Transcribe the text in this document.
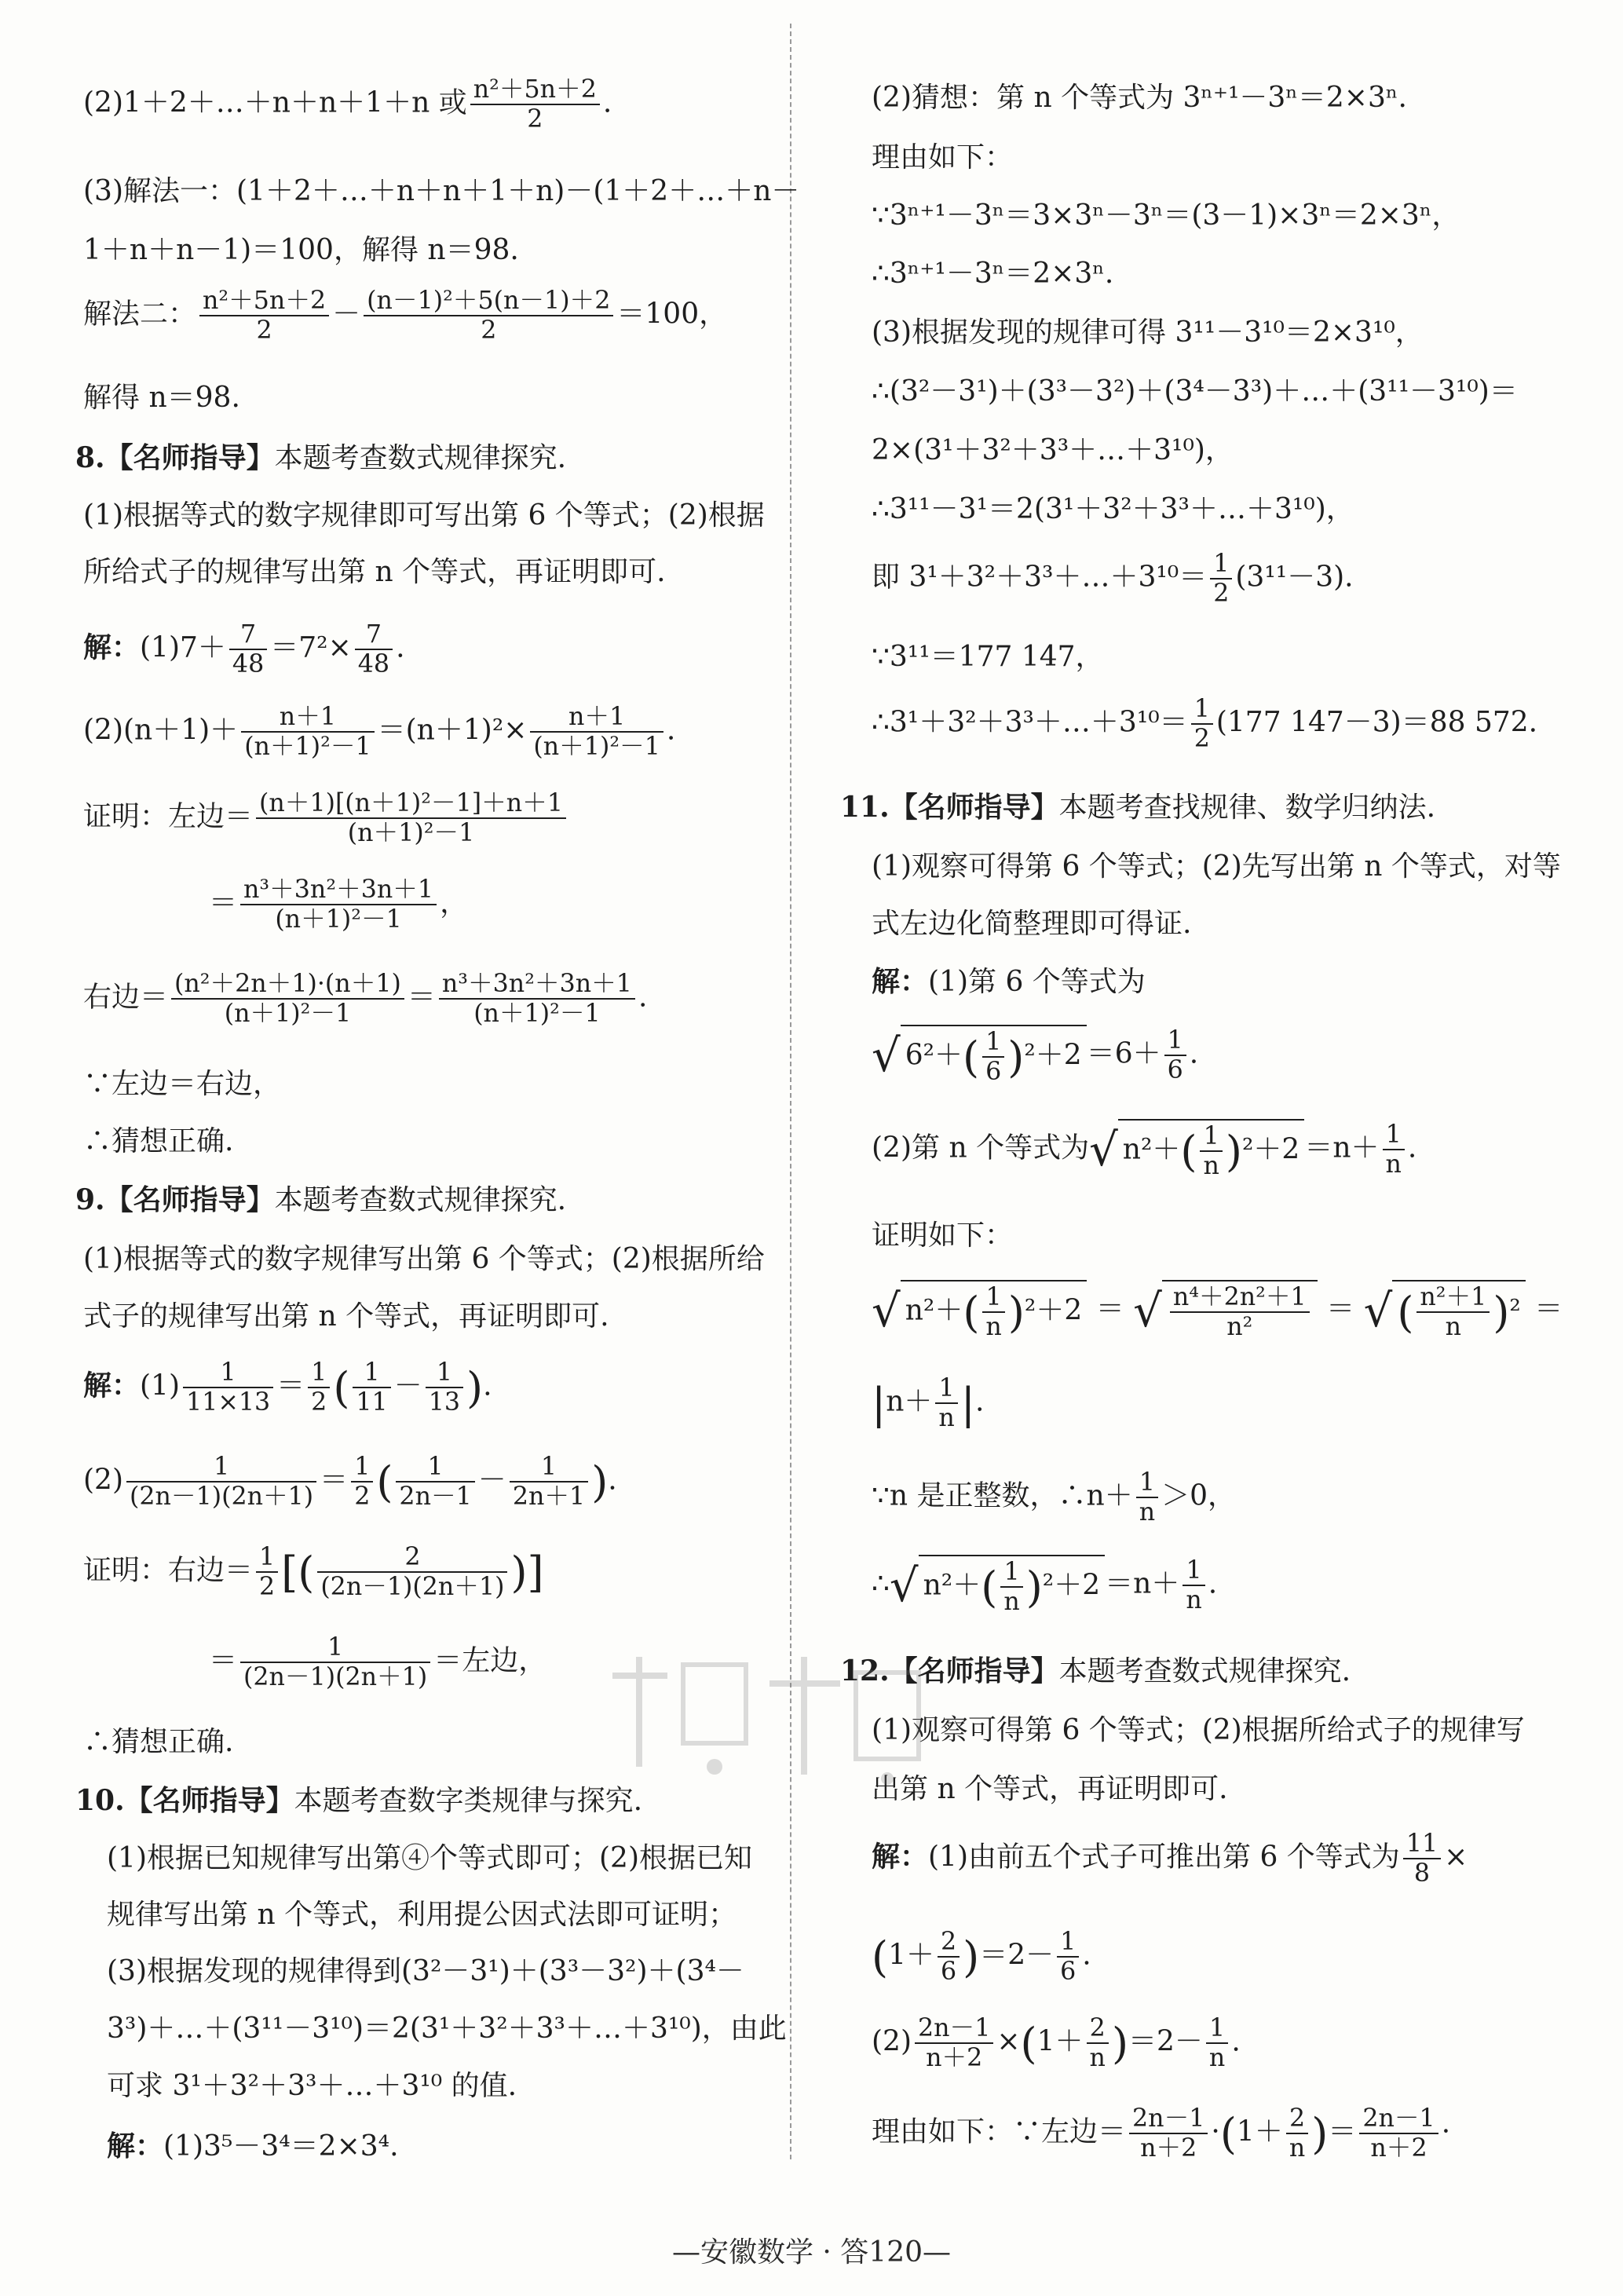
(2)1＋2＋…＋n＋n＋1＋n 或 $\frac{\text{n²＋5n＋2}}{2}$ .
(3)解法一：(1＋2＋…＋n＋n＋1＋n)－(1＋2＋…＋n－
1＋n＋n－1)＝100，解得 n＝98.
解法二： $\frac{\text{n²＋5n＋2}}{2} - \frac{\text{(n－1)²＋5(n－1)＋2}}{2} =100$，
解得 n＝98.
8.【名师指导】本题考查数式规律探究.
(1)根据等式的数字规律即可写出第 6 个等式；(2)根据
所给式子的规律写出第 n 个等式，再证明即可.
解：$(1)7+ \frac{7}{48} =7^2\times \frac{7}{48}$ .
$(2)(n+1)+ \frac{n+1}{\text{(n＋1)²－1}} =(n+1)^2\times \frac{n+1}{\text{(n＋1)²－1}}$ .
证明：左边＝ $\frac{\text{(n＋1)[(n＋1)²－1]＋n＋1}}{\text{(n＋1)²－1}}$
＝ $\frac{\text{n³＋3n²＋3n＋1}}{\text{(n＋1)²－1}}$ ，
右边＝ $\frac{\text{(n²＋2n＋1)·(n＋1)}}{\text{(n＋1)²－1}} = \frac{\text{n³＋3n²＋3n＋1}}{\text{(n＋1)²－1}}$ .
∵左边＝右边，
∴猜想正确.
9.【名师指导】本题考查数式规律探究.
(1)根据等式的数字规律写出第 6 个等式；(2)根据所给
式子的规律写出第 n 个等式，再证明即可.
解：$(1) \frac{1}{11\times 13} = \frac{1}{2}$ ( $\frac{1}{11} - \frac{1}{13}$ ).
$(2) \frac{1}{(2n-1)(2n+1)} = \frac{1}{2}$ ( $\frac{1}{2n-1} - \frac{1}{2n+1}$ ).
证明：右边＝ $\frac{1}{2}$ [( $\frac{2}{(2n-1)(2n+1)}$ )]
＝ $\frac{1}{(2n-1)(2n+1)}$ ＝左边，
∴猜想正确.
10.【名师指导】本题考查数字类规律与探究.
(1)根据已知规律写出第④个等式即可；(2)根据已知
规律写出第 n 个等式，利用提公因式法即可证明；
(3)根据发现的规律得到(3²－3¹)＋(3³－3²)＋(3⁴－
3³)＋…＋(3¹¹－3¹⁰)＝2(3¹＋3²＋3³＋…＋3¹⁰)，由此
可求 3¹＋3²＋3³＋…＋3¹⁰ 的值.
解：(1)3⁵－3⁴＝2×3⁴.
(2)猜想：第 n 个等式为 3ⁿ⁺¹－3ⁿ＝2×3ⁿ.
理由如下：
∵3ⁿ⁺¹－3ⁿ＝3×3ⁿ－3ⁿ＝(3－1)×3ⁿ＝2×3ⁿ，
∴3ⁿ⁺¹－3ⁿ＝2×3ⁿ.
(3)根据发现的规律可得 3¹¹－3¹⁰＝2×3¹⁰，
∴(3²－3¹)＋(3³－3²)＋(3⁴－3³)＋…＋(3¹¹－3¹⁰)＝
2×(3¹＋3²＋3³＋…＋3¹⁰)，
∴3¹¹－3¹＝2(3¹＋3²＋3³＋…＋3¹⁰)，
即 3¹＋3²＋3³＋…＋3¹⁰＝ $\frac{1}{2} (3^{11}-3)$.
∵3¹¹＝177 147，
∴3¹＋3²＋3³＋…＋3¹⁰＝ $\frac{1}{2} (177$ 147－3)＝88 572.
11.【名师指导】本题考查找规律、数学归纳法.
(1)观察可得第 6 个等式；(2)先写出第 n 个等式，对等
式左边化简整理即可得证.
解：(1)第 6 个等式为
√ $6^2+( \frac{1}{6} )^2+2 =6+ \frac{1}{6}$ .
(2)第 n 个等式为√ $n^2+( \frac{1}{n} )^2+2 =n+ \frac{1}{n}$ .
证明如下：
√ $n^2+( \frac{1}{n} )^2+2$ ＝ √ $\frac{\text{n⁴＋2n²＋1}}{\text{n²}}$ ＝ √ ( $\frac{\text{n²＋1}}{n} )^2$ ＝
$|n+ \frac{1}{n}$ |.
∵n 是正整数，∴n＋ $\frac{1}{n} >0$，
∴√ $n^2+( \frac{1}{n} )^2+2 =n+ \frac{1}{n}$ .
12.【名师指导】本题考查数式规律探究.
(1)观察可得第 6 个等式；(2)根据所给式子的规律写
出第 n 个等式，再证明即可.
解：(1)由前五个式子可推出第 6 个等式为 $\frac{11}{8}$ ×
$(1+ \frac{2}{6} )=2- \frac{1}{6}$ .
$(2) \frac{2n-1}{n+2} \times(1+ \frac{2}{n} )=2- \frac{1}{n}$ .
理由如下：∵左边＝ $\frac{2n-1}{n+2} \cdot(1+ \frac{2}{n}$ )＝ $\frac{2n-1}{n+2}$ ·
—安徽数学 · 答120—
